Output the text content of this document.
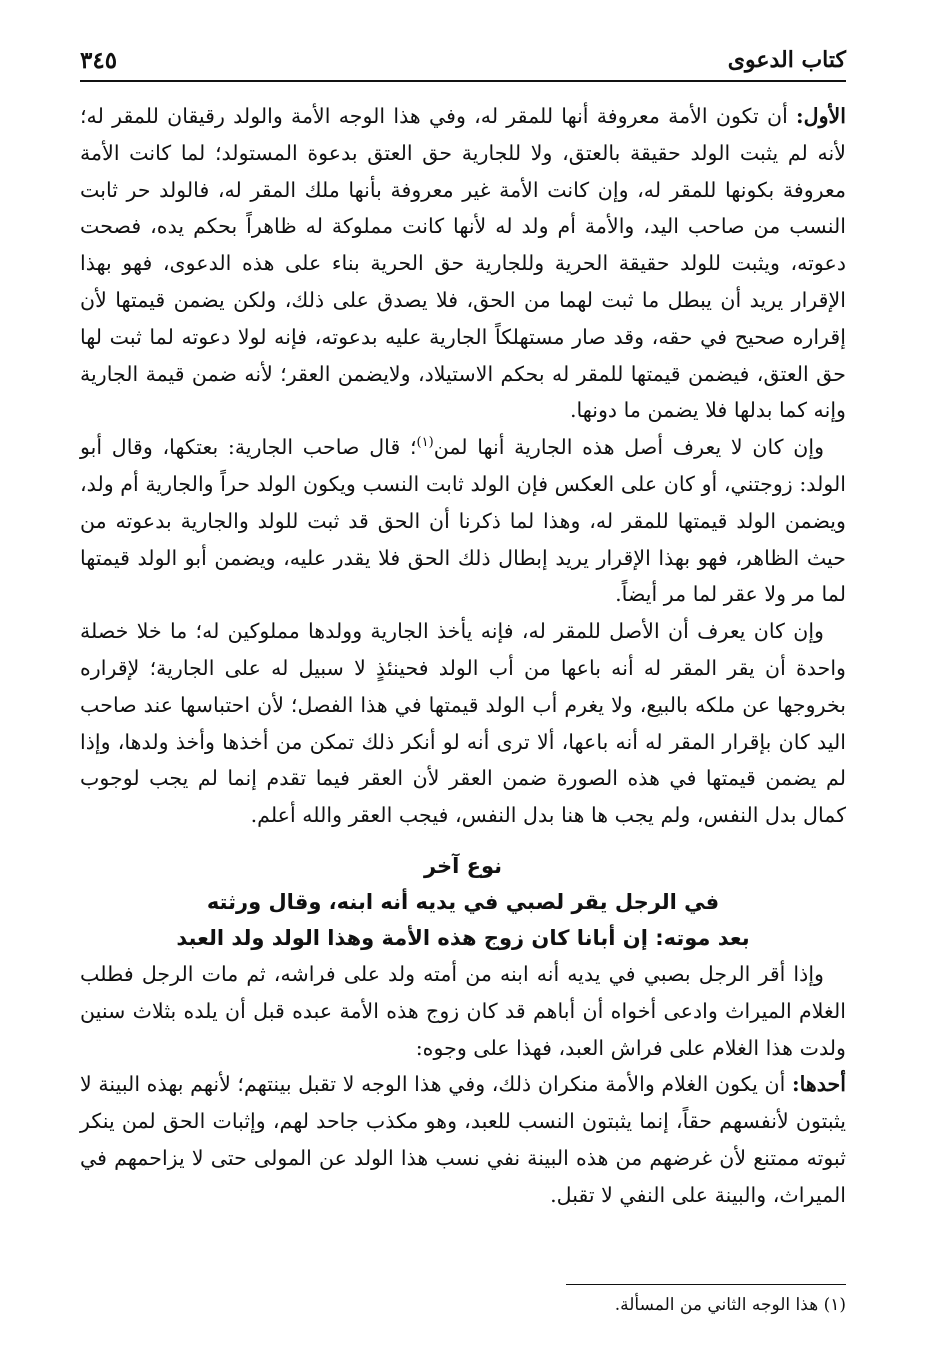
كتاب الدعوى
٣٤٥

الأول: أن تكون الأمة معروفة أنها للمقر له، وفي هذا الوجه الأمة والولد رقيقان للمقر له؛ لأنه لم يثبت الولد حقيقة بالعتق، ولا للجارية حق العتق بدعوة المستولد؛ لما كانت الأمة معروفة بكونها للمقر له، وإن كانت الأمة غير معروفة بأنها ملك المقر له، فالولد حر ثابت النسب من صاحب اليد، والأمة أم ولد له لأنها كانت مملوكة له ظاهراً بحكم يده، فصحت دعوته، ويثبت للولد حقيقة الحرية وللجارية حق الحرية بناء على هذه الدعوى، فهو بهذا الإقرار يريد أن يبطل ما ثبت لهما من الحق، فلا يصدق على ذلك، ولكن يضمن قيمتها لأن إقراره صحيح في حقه، وقد صار مستهلكاً الجارية عليه بدعوته، فإنه لولا دعوته لما ثبت لها حق العتق، فيضمن قيمتها للمقر له بحكم الاستيلاد، ولايضمن العقر؛ لأنه ضمن قيمة الجارية وإنه كما بدلها فلا يضمن ما دونها.

وإن كان لا يعرف أصل هذه الجارية أنها لمن$^{(١)}$؛ قال صاحب الجارية: بعتكها، وقال أبو الولد: زوجتني، أو كان على العكس فإن الولد ثابت النسب ويكون الولد حراً والجارية أم ولد، ويضمن الولد قيمتها للمقر له، وهذا لما ذكرنا أن الحق قد ثبت للولد والجارية بدعوته من حيث الظاهر، فهو بهذا الإقرار يريد إبطال ذلك الحق فلا يقدر عليه، ويضمن أبو الولد قيمتها لما مر ولا عقر لما مر أيضاً.

وإن كان يعرف أن الأصل للمقر له، فإنه يأخذ الجارية وولدها مملوكين له؛ ما خلا خصلة واحدة أن يقر المقر له أنه باعها من أب الولد فحينئذٍ لا سبيل له على الجارية؛ لإقراره بخروجها عن ملكه بالبيع، ولا يغرم أب الولد قيمتها في هذا الفصل؛ لأن احتباسها عند صاحب اليد كان بإقرار المقر له أنه باعها، ألا ترى أنه لو أنكر ذلك تمكن من أخذها وأخذ ولدها، وإذا لم يضمن قيمتها في هذه الصورة ضمن العقر لأن العقر فيما تقدم إنما لم يجب لوجوب كمال بدل النفس، ولم يجب ها هنا بدل النفس، فيجب العقر والله أعلم.

نوع آخر

في الرجل يقر لصبي في يديه أنه ابنه، وقال ورثته

بعد موته: إن أبانا كان زوج هذه الأمة وهذا الولد ولد العبد

وإذا أقر الرجل بصبي في يديه أنه ابنه من أمته ولد على فراشه، ثم مات الرجل فطلب الغلام الميراث وادعى أخواه أن أباهم قد كان زوج هذه الأمة عبده قبل أن يلده بثلاث سنين ولدت هذا الغلام على فراش العبد، فهذا على وجوه:

أحدها: أن يكون الغلام والأمة منكران ذلك، وفي هذا الوجه لا تقبل بينتهم؛ لأنهم بهذه البينة لا يثبتون لأنفسهم حقاً، إنما يثبتون النسب للعبد، وهو مكذب جاحد لهم، وإثبات الحق لمن ينكر ثبوته ممتنع لأن غرضهم من هذه البينة نفي نسب هذا الولد عن المولى حتى لا يزاحمهم في الميراث، والبينة على النفي لا تقبل.

(١) هذا الوجه الثاني من المسألة.
